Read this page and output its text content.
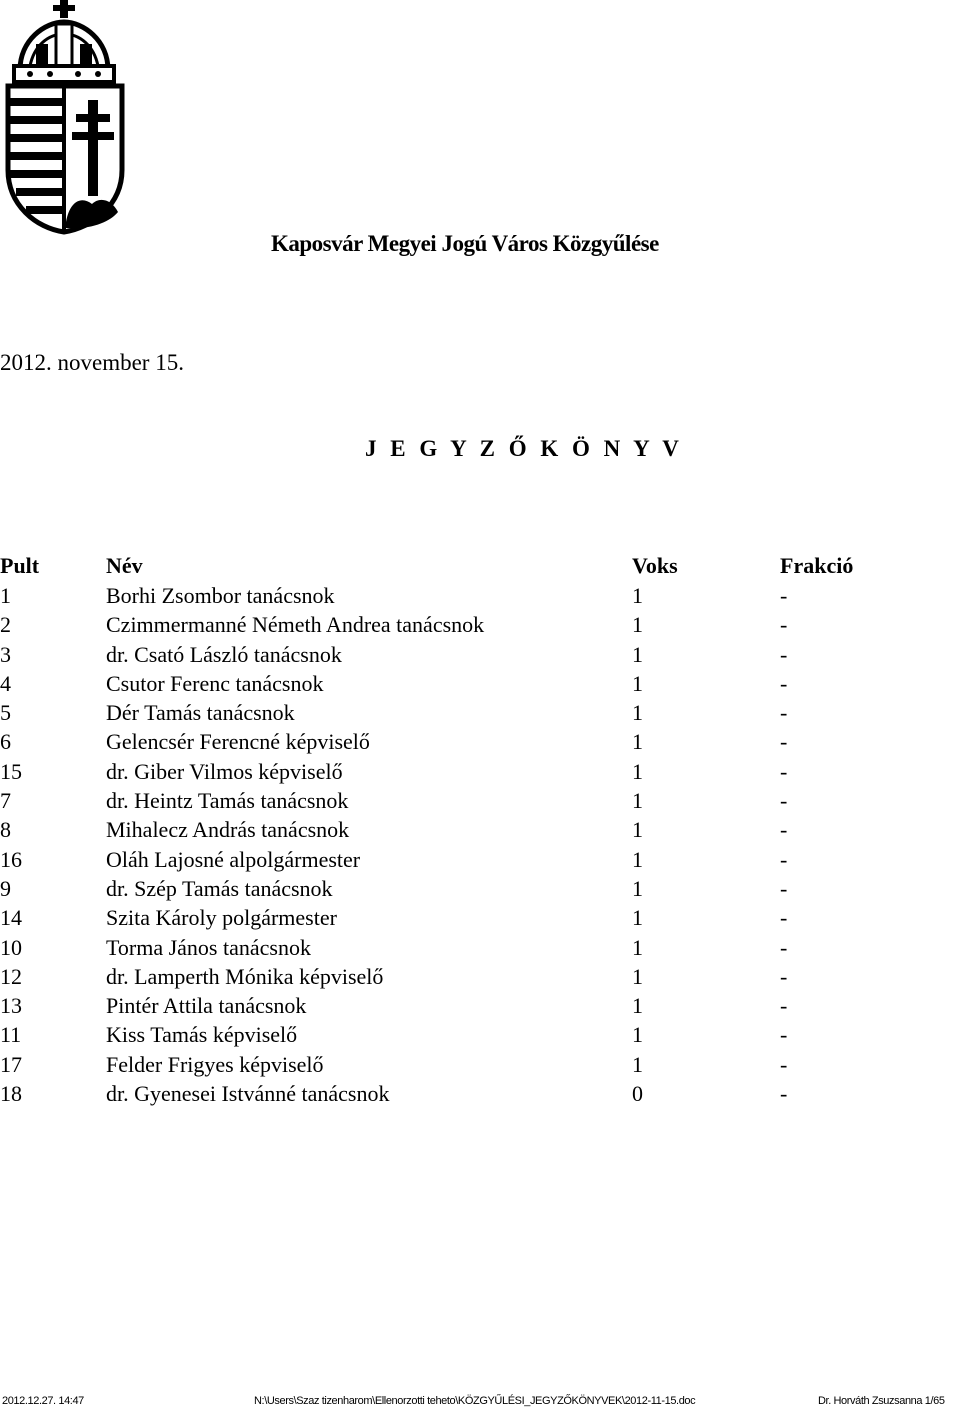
Kaposvár Megyei Jogú Város Közgyűlése
2012. november 15.
J E G Y Z Ő K Ö N Y V
Pult	Név	Voks	Frakció
1	Borhi Zsombor tanácsnok	1	-
2	Czimmermanné Németh Andrea tanácsnok	1	-
3	dr. Csató László tanácsnok	1	-
4	Csutor Ferenc tanácsnok	1	-
5	Dér Tamás tanácsnok	1	-
6	Gelencsér Ferencné képviselő	1	-
15	dr. Giber Vilmos képviselő	1	-
7	dr. Heintz Tamás tanácsnok	1	-
8	Mihalecz András tanácsnok	1	-
16	Oláh Lajosné alpolgármester	1	-
9	dr. Szép Tamás tanácsnok	1	-
14	Szita Károly polgármester	1	-
10	Torma János tanácsnok	1	-
12	dr. Lamperth Mónika képviselő	1	-
13	Pintér Attila tanácsnok	1	-
11	Kiss Tamás képviselő	1	-
17	Felder Frigyes képviselő	1	-
18	dr. Gyenesei Istvánné tanácsnok	0	-
2012.12.27. 14:47	N:\Users\Szaz tizenharom\Ellenorzotti teheto\KÖZGYŰLÉSI_JEGYZŐKÖNYVEK\2012-11-15.doc	Dr. Horváth Zsuzsanna 1/65
